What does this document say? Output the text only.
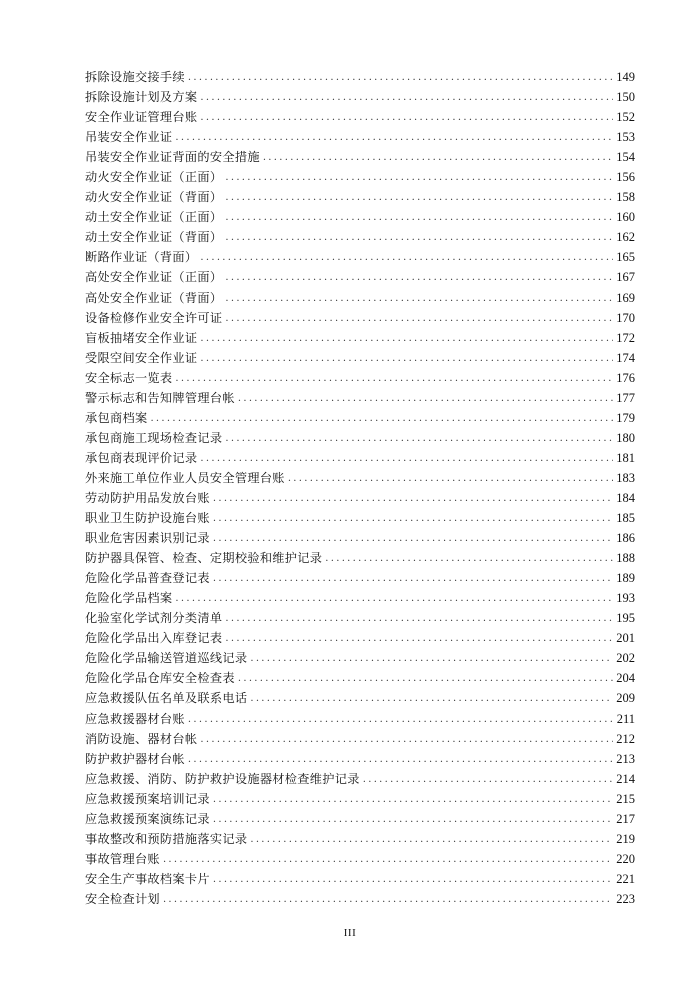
拆除设施交接手续 .....	149
拆除设施计划及方案 .....	150
安全作业证管理台账 .....	152
吊装安全作业证 .....	153
吊装安全作业证背面的安全措施 .....	154
动火安全作业证（正面） .....	156
动火安全作业证（背面） .....	158
动土安全作业证（正面） .....	160
动土安全作业证（背面） .....	162
断路作业证（背面） .....	165
高处安全作业证（正面） .....	167
高处安全作业证（背面） .....	169
设备检修作业安全许可证 .....	170
盲板抽堵安全作业证 .....	172
受限空间安全作业证 .....	174
安全标志一览表 .....	176
警示标志和告知牌管理台帐 .....	177
承包商档案 .....	179
承包商施工现场检查记录 .....	180
承包商表现评价记录 .....	181
外来施工单位作业人员安全管理台账 .....	183
劳动防护用品发放台账 .....	184
职业卫生防护设施台账 .....	185
职业危害因素识别记录 .....	186
防护器具保管、检查、定期校验和维护记录 .....	188
危险化学品普查登记表 .....	189
危险化学品档案 .....	193
化验室化学试剂分类清单 .....	195
危险化学品出入库登记表 .....	201
危险化学品输送管道巡线记录 .....	202
危险化学品仓库安全检查表 .....	204
应急救援队伍名单及联系电话 .....	209
应急救援器材台账 .....	211
消防设施、器材台帐 .....	212
防护救护器材台帐 .....	213
应急救援、消防、防护救护设施器材检查维护记录 .....	214
应急救援预案培训记录 .....	215
应急救援预案演练记录 .....	217
事故整改和预防措施落实记录 .....	219
事故管理台账 .....	220
安全生产事故档案卡片 .....	221
安全检查计划 .....	223
III
